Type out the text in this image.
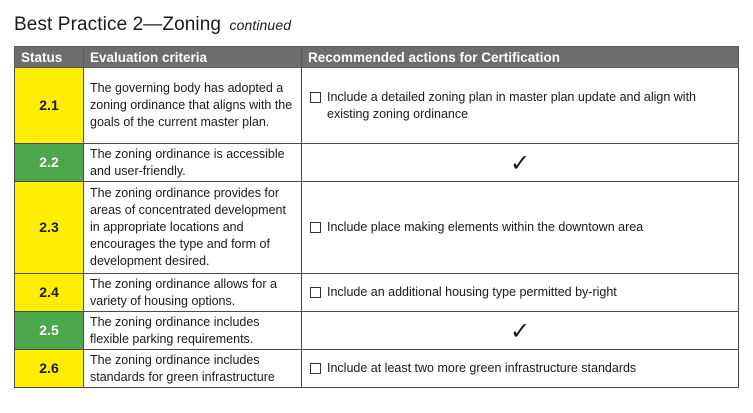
Best Practice 2—Zoning continued
Status	Evaluation criteria	Recommended actions for Certification
2.1	The governing body has adopted a zoning ordinance that aligns with the goals of the current master plan.	Include a detailed zoning plan in master plan update and align with existing zoning ordinance

2.2	The zoning ordinance is accessible and user-friendly.	✓

2.3	The zoning ordinance provides for areas of concentrated development in appropriate locations and encourages the type and form of development desired.	Include place making elements within the downtown area

2.4	The zoning ordinance allows for a variety of housing options.	Include an additional housing type permitted by-right

2.5	The zoning ordinance includes flexible parking requirements.	✓

2.6	The zoning ordinance includes standards for green infrastructure	Include at least two more green infrastructure standards
